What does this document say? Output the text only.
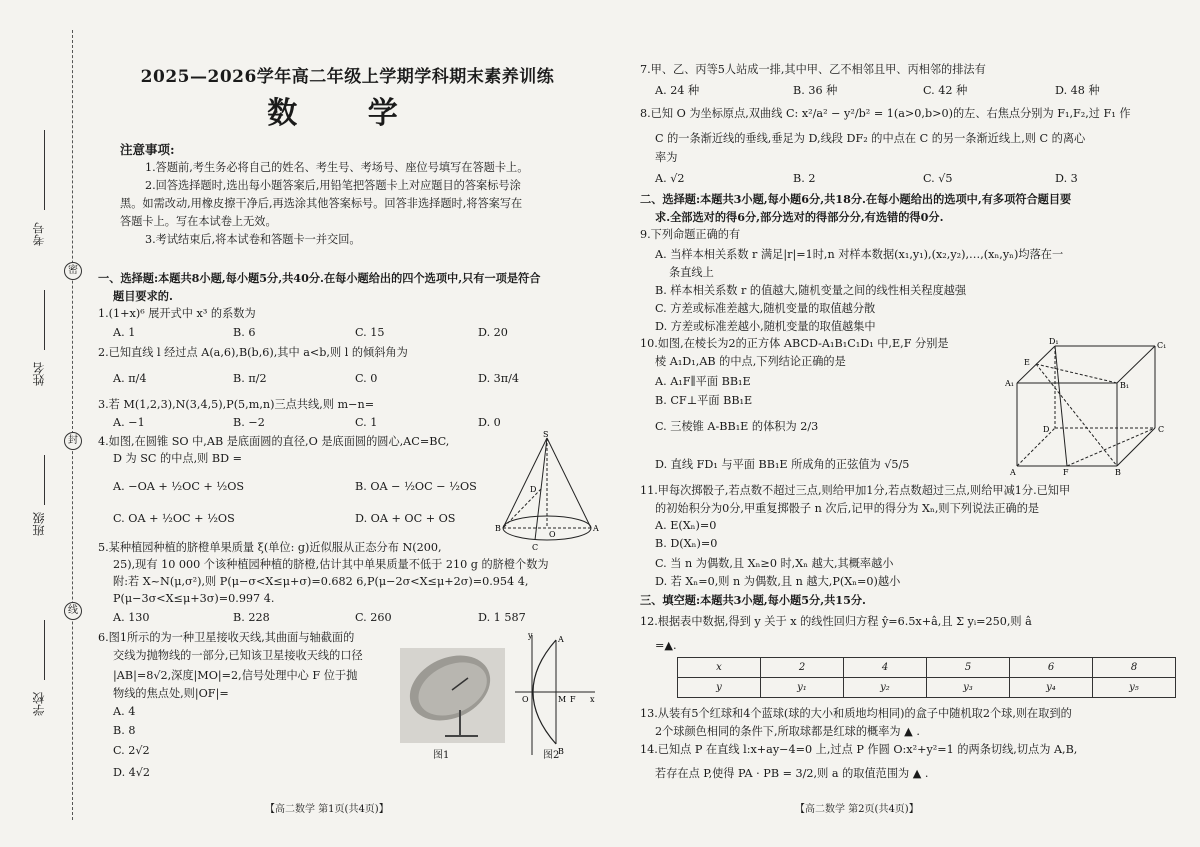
密
封
线
考号
姓名
班级
学校
2025—2026学年高二年级上学期学科期末素养训练
数 学
注意事项:
1.答题前,考生务必将自己的姓名、考生号、考场号、座位号填写在答题卡上。
2.回答选择题时,选出每小题答案后,用铅笔把答题卡上对应题目的答案标号涂
黑。如需改动,用橡皮擦干净后,再选涂其他答案标号。回答非选择题时,将答案写在
答题卡上。写在本试卷上无效。
3.考试结束后,将本试卷和答题卡一并交回。
一、选择题:本题共8小题,每小题5分,共40分.在每小题给出的四个选项中,只有一项是符合
题目要求的.
1.(1+x)⁶ 展开式中 x³ 的系数为
A. 1	B. 6	C. 15	D. 20
2.已知直线 l 经过点 A(a,6),B(b,6),其中 a<b,则 l 的倾斜角为
A. π/4	B. π/2	C. 0	D. 3π/4
3.若 M(1,2,3),N(3,4,5),P(5,m,n)三点共线,则 m−n=
A. −1	B. −2	C. 1	D. 0
4.如图,在圆锥 SO 中,AB 是底面圆的直径,O 是底面圆的圆心,AC=BC,
D 为 SC 的中点,则 BD =
A. −OA + ½OC + ½OS	B. OA − ½OC − ½OS
C. OA + ½OC + ½OS	D. OA + OC + OS
S
D
A
B
O
C
5.某种植园种植的脐橙单果质量 ξ(单位: g)近似服从正态分布 N(200,
25),现有 10 000 个该种植园种植的脐橙,估计其中单果质量不低于 210 g 的脐橙个数为
附:若 X~N(μ,σ²),则 P(μ−σ<X≤μ+σ)=0.682 6,P(μ−2σ<X≤μ+2σ)=0.954 4,
P(μ−3σ<X≤μ+3σ)=0.997 4.
A. 130	B. 228	C. 260	D. 1 587
6.图1所示的为一种卫星接收天线,其曲面与轴截面的
交线为抛物线的一部分,已知该卫星接收天线的口径
|AB|=8√2,深度|MO|=2,信号处理中心 F 位于抛
物线的焦点处,则|OF|=
A. 4
B. 8
C. 2√2
D. 4√2
图1
y	A
O	M F x
B
图2
【高二数学 第1页(共4页)】
7.甲、乙、丙等5人站成一排,其中甲、乙不相邻且甲、丙相邻的排法有
A. 24 种	B. 36 种	C. 42 种	D. 48 种
8.已知 O 为坐标原点,双曲线 C: x²/a² − y²/b² = 1(a>0,b>0)的左、右焦点分别为 F₁,F₂,过 F₁ 作
C 的一条渐近线的垂线,垂足为 D,线段 DF₂ 的中点在 C 的另一条渐近线上,则 C 的离心
率为
A. √2	B. 2	C. √5	D. 3
二、选择题:本题共3小题,每小题6分,共18分.在每小题给出的选项中,有多项符合题目要
求.全部选对的得6分,部分选对的得部分分,有选错的得0分.
9.下列命题正确的有
A. 当样本相关系数 r 满足|r|=1时,n 对样本数据(x₁,y₁),(x₂,y₂),…,(xₙ,yₙ)均落在一
条直线上
B. 样本相关系数 r 的值越大,随机变量之间的线性相关程度越强
C. 方差或标准差越大,随机变量的取值越分散
D. 方差或标准差越小,随机变量的取值越集中
10.如图,在棱长为2的正方体 ABCD-A₁B₁C₁D₁ 中,E,F 分别是
棱 A₁D₁,AB 的中点,下列结论正确的是
A. A₁F∥平面 BB₁E
B. CF⊥平面 BB₁E
C. 三棱锥 A-BB₁E 的体积为 2/3
D. 直线 FD₁ 与平面 BB₁E 所成角的正弦值为 √5/5
D₁	C₁
E
A₁	B₁
D	C
A	F	B
11.甲每次掷骰子,若点数不超过三点,则给甲加1分,若点数超过三点,则给甲减1分.已知甲
的初始积分为0分,甲重复掷骰子 n 次后,记甲的得分为 Xₙ,则下列说法正确的是
A. E(Xₙ)=0
B. D(Xₙ)=0
C. 当 n 为偶数,且 Xₙ≥0 时,Xₙ 越大,其概率越小
D. 若 Xₙ=0,则 n 为偶数,且 n 越大,P(Xₙ=0)越小
三、填空题:本题共3小题,每小题5分,共15分.
12.根据表中数据,得到 y 关于 x 的线性回归方程 ŷ=6.5x+â,且 Σ yᵢ=250,则 â
=▲.
x	2	4	5	6	8
y	y₁	y₂	y₃	y₄	y₅
13.从装有5个红球和4个蓝球(球的大小和质地均相同)的盒子中随机取2个球,则在取到的
2个球颜色相同的条件下,所取球都是红球的概率为 ▲ .
14.已知点 P 在直线 l:x+ay−4=0 上,过点 P 作圆 O:x²+y²=1 的两条切线,切点为 A,B,
若存在点 P,使得 PA · PB = 3/2,则 a 的取值范围为 ▲ .
【高二数学 第2页(共4页)】
